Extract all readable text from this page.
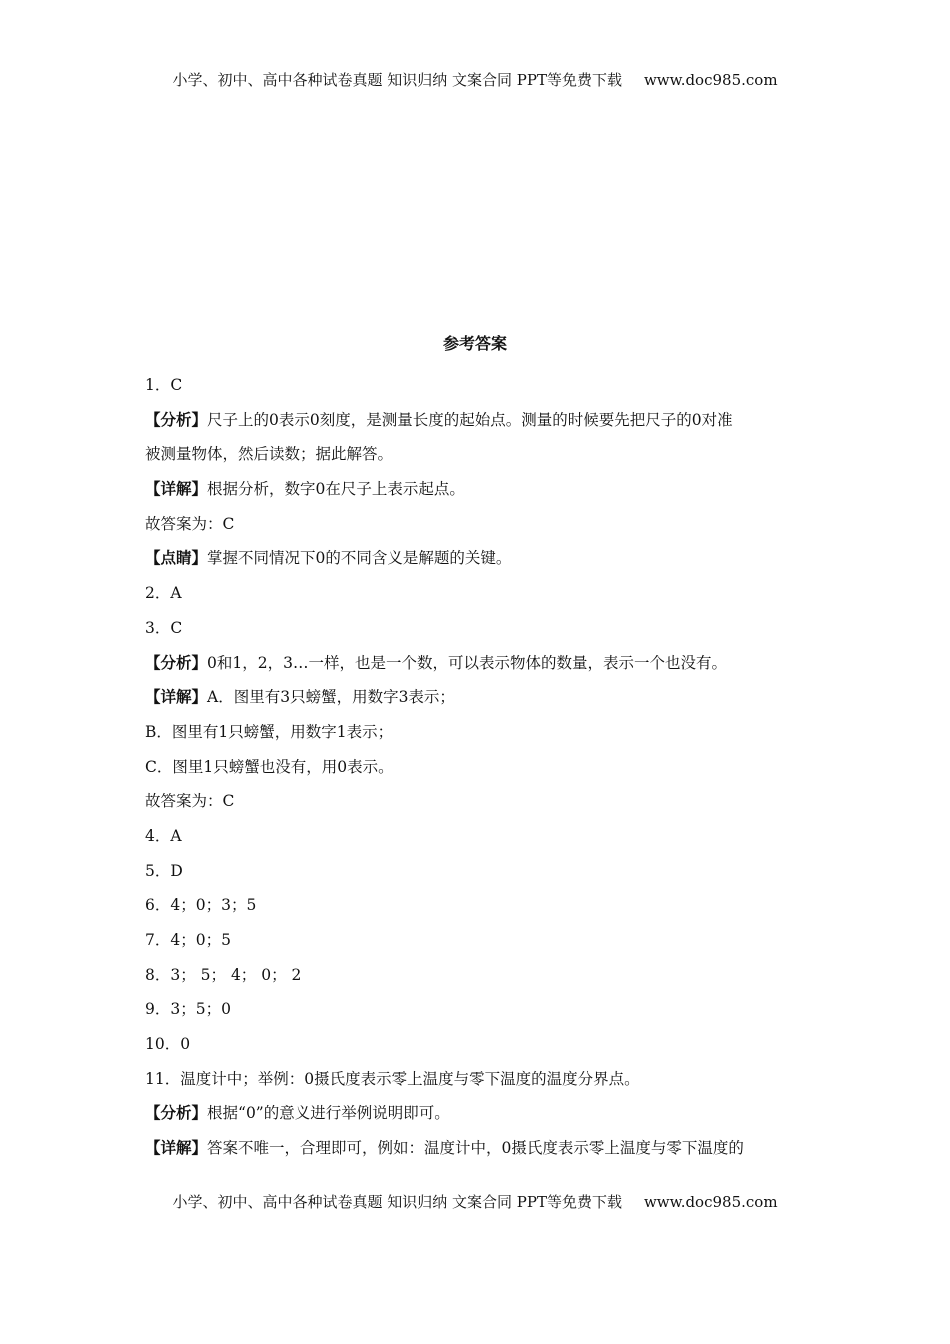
小学、初中、高中各种试卷真题 知识归纳 文案合同 PPT等免费下载 www.doc985.com
参考答案
1．C
【分析】尺子上的0表示0刻度，是测量长度的起始点。测量的时候要先把尺子的0对准
被测量物体，然后读数；据此解答。
【详解】根据分析，数字0在尺子上表示起点。
故答案为：C
【点睛】掌握不同情况下0的不同含义是解题的关键。
2．A
3．C
【分析】0和1，2，3…一样，也是一个数，可以表示物体的数量，表示一个也没有。
【详解】A．图里有3只螃蟹，用数字3表示；
B．图里有1只螃蟹，用数字1表示；
C．图里1只螃蟹也没有，用0表示。
故答案为：C
4．A
5．D
6．4；0；3；5
7．4；0；5
8．3； 5； 4； 0； 2
9．3；5；0
10．0
11．温度计中；举例：0摄氏度表示零上温度与零下温度的温度分界点。
【分析】根据“0”的意义进行举例说明即可。
【详解】答案不唯一，合理即可，例如：温度计中，0摄氏度表示零上温度与零下温度的
小学、初中、高中各种试卷真题 知识归纳 文案合同 PPT等免费下载 www.doc985.com
